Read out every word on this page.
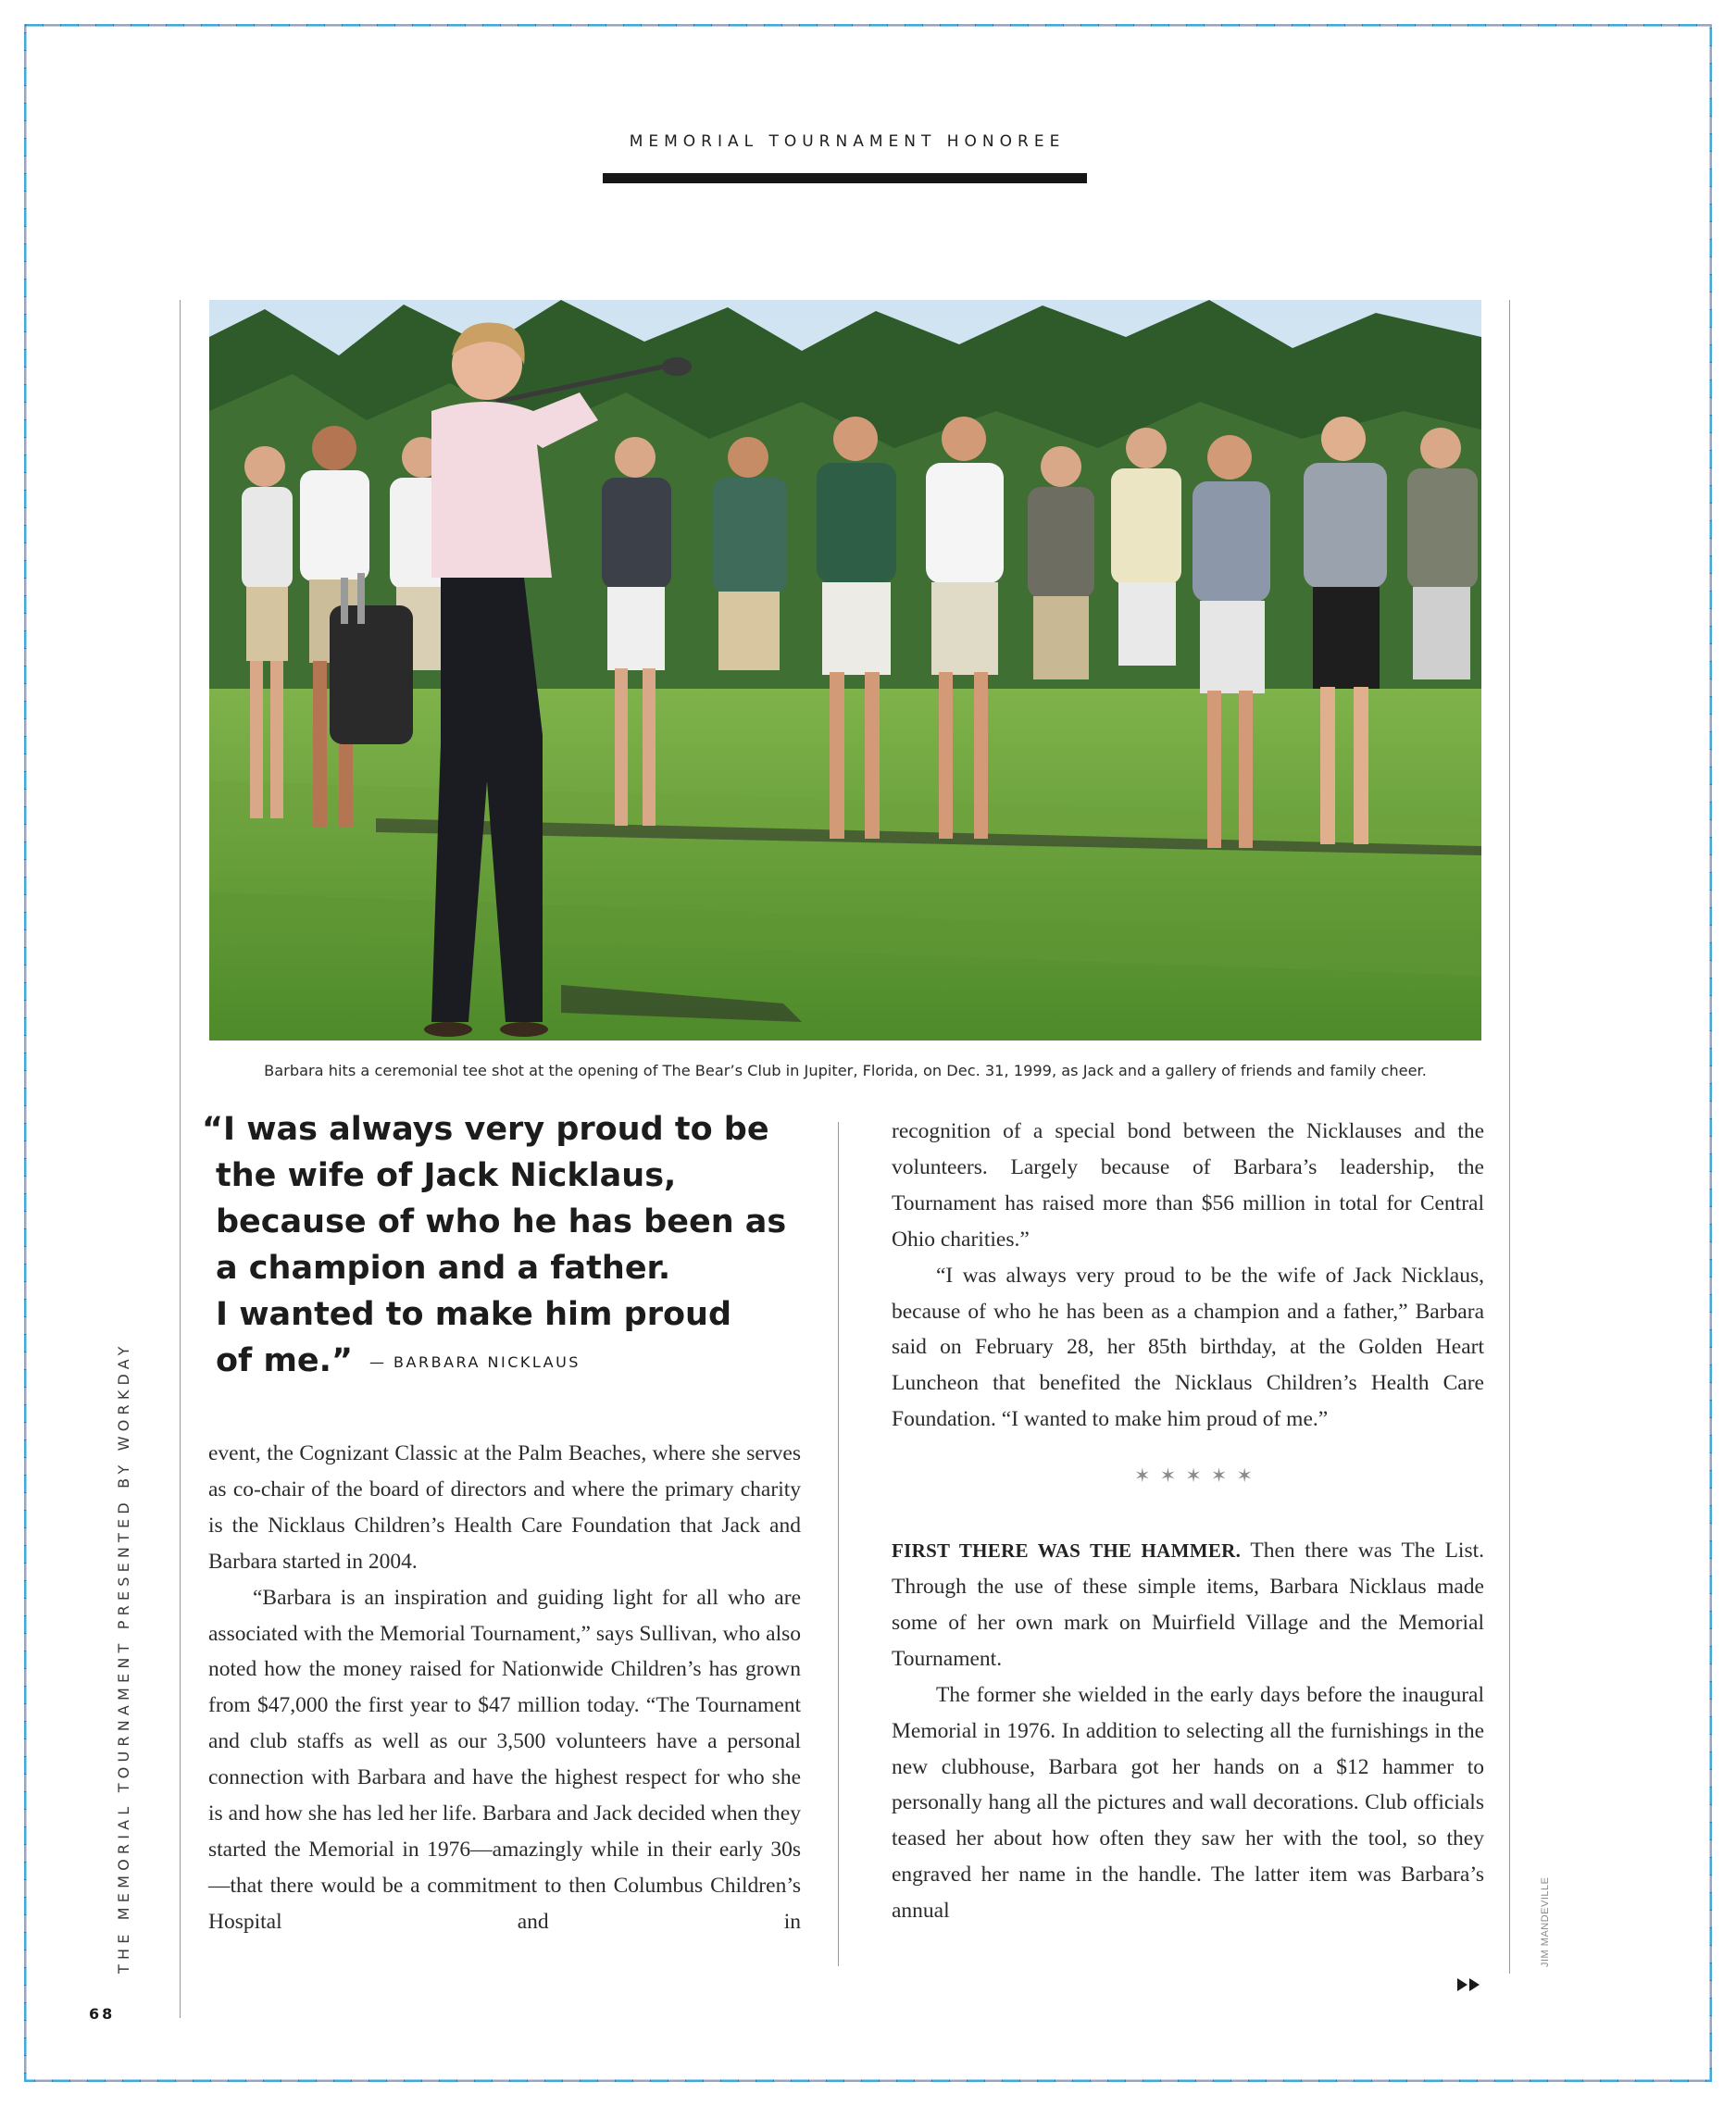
MEMORIAL TOURNAMENT HONOREE
Barbara hits a ceremonial tee shot at the opening of The Bear’s Club in Jupiter, Florida, on Dec. 31, 1999, as Jack and a gallery of friends and family cheer.
“I was always very proud to be
the wife of Jack Nicklaus,
because of who he has been as
a champion and a father.
I wanted to make him proud
of me.” — BARBARA NICKLAUS

event, the Cognizant Classic at the Palm Beaches, where she serves as co-chair of the board of directors and where the primary charity is the Nicklaus Children’s Health Care Foundation that Jack and Barbara started in 2004.

“Barbara is an inspiration and guiding light for all who are associated with the Memorial Tournament,” says Sullivan, who also noted how the money raised for Nationwide Children’s has grown from $47,000 the first year to $47 million today. “The Tournament and club staffs as well as our 3,500 volunteers have a personal connection with Barbara and have the highest respect for who she is and how she has led her life. Barbara and Jack decided when they started the Memorial in 1976—amazingly while in their early 30s—that there would be a commitment to then Columbus Children’s Hospital and in

recognition of a special bond between the Nicklauses and the volunteers. Largely because of Barbara’s leadership, the Tournament has raised more than $56 million in total for Central Ohio charities.”

“I was always very proud to be the wife of Jack Nicklaus, because of who he has been as a champion and a father,” Barbara said on February 28, her 85th birthday, at the Golden Heart Luncheon that benefited the Nicklaus Children’s Health Care Foundation. “I wanted to make him proud of me.”

✶✶✶✶✶

FIRST THERE WAS THE HAMMER. Then there was The List. Through the use of these simple items, Barbara Nicklaus made some of her own mark on Muirfield Village and the Memorial Tournament.

The former she wielded in the early days before the inaugural Memorial in 1976. In addition to selecting all the furnishings in the new clubhouse, Barbara got her hands on a $12 hammer to personally hang all the pictures and wall decorations. Club officials teased her about how often they saw her with the tool, so they engraved her name in the handle. The latter item was Barbara’s annual

THE MEMORIAL TOURNAMENT PRESENTED BY WORKDAY	JIM MANDEVILLE
68
